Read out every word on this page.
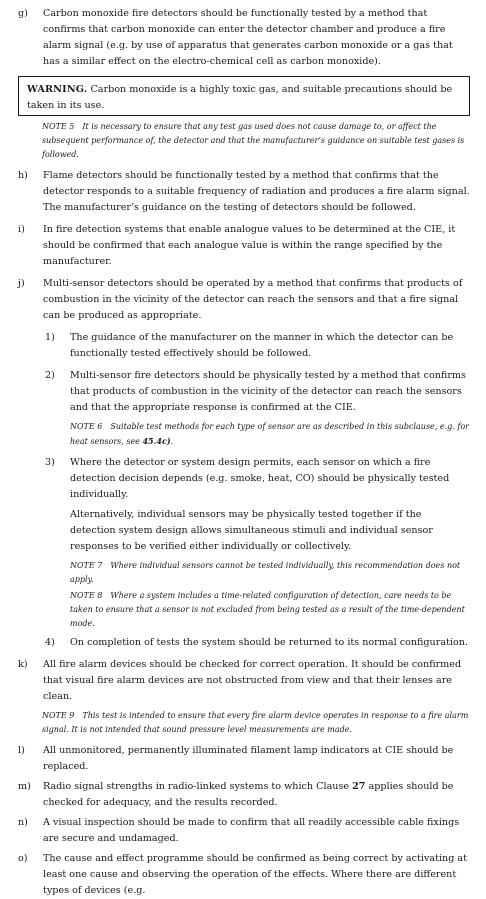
g)	Carbon monoxide fire detectors should be functionally tested by a method that confirms that carbon monoxide can enter the detector chamber and produce a fire alarm signal (e.g. by use of apparatus that generates carbon monoxide or a gas that has a similar effect on the electro-chemical cell as carbon monoxide).
WARNING. Carbon monoxide is a highly toxic gas, and suitable precautions should be taken in its use.
NOTE 5 It is necessary to ensure that any test gas used does not cause damage to, or affect the subsequent performance of, the detector and that the manufacturer’s guidance on suitable test gases is followed.
h)	Flame detectors should be functionally tested by a method that confirms that the detector responds to a suitable frequency of radiation and produces a fire alarm signal. The manufacturer’s guidance on the testing of detectors should be followed.
i)	In fire detection systems that enable analogue values to be determined at the CIE, it should be confirmed that each analogue value is within the range specified by the manufacturer.
j)	Multi-sensor detectors should be operated by a method that confirms that products of combustion in the vicinity of the detector can reach the sensors and that a fire signal can be produced as appropriate.
1)	The guidance of the manufacturer on the manner in which the detector can be functionally tested effectively should be followed.
2)	Multi-sensor fire detectors should be physically tested by a method that confirms that products of combustion in the vicinity of the detector can reach the sensors and that the appropriate response is confirmed at the CIE.
NOTE 6 Suitable test methods for each type of sensor are as described in this subclause, e.g. for heat sensors, see 45.4c).
3)	Where the detector or system design permits, each sensor on which a fire detection decision depends (e.g. smoke, heat, CO) should be physically tested individually.
Alternatively, individual sensors may be physically tested together if the detection system design allows simultaneous stimuli and individual sensor responses to be verified either individually or collectively.
NOTE 7 Where individual sensors cannot be tested individually, this recommendation does not apply.
NOTE 8 Where a system includes a time-related configuration of detection, care needs to be taken to ensure that a sensor is not excluded from being tested as a result of the time-dependent mode.
4)	On completion of tests the system should be returned to its normal configuration.
k)	All fire alarm devices should be checked for correct operation. It should be confirmed that visual fire alarm devices are not obstructed from view and that their lenses are clean.
NOTE 9 This test is intended to ensure that every fire alarm device operates in response to a fire alarm signal. It is not intended that sound pressure level measurements are made.
l)	All unmonitored, permanently illuminated filament lamp indicators at CIE should be replaced.
m)	Radio signal strengths in radio-linked systems to which Clause 27 applies should be checked for adequacy, and the results recorded.
n)	A visual inspection should be made to confirm that all readily accessible cable fixings are secure and undamaged.
o)	The cause and effect programme should be confirmed as being correct by activating at least one cause and observing the operation of the effects. Where there are different types of devices (e.g.
